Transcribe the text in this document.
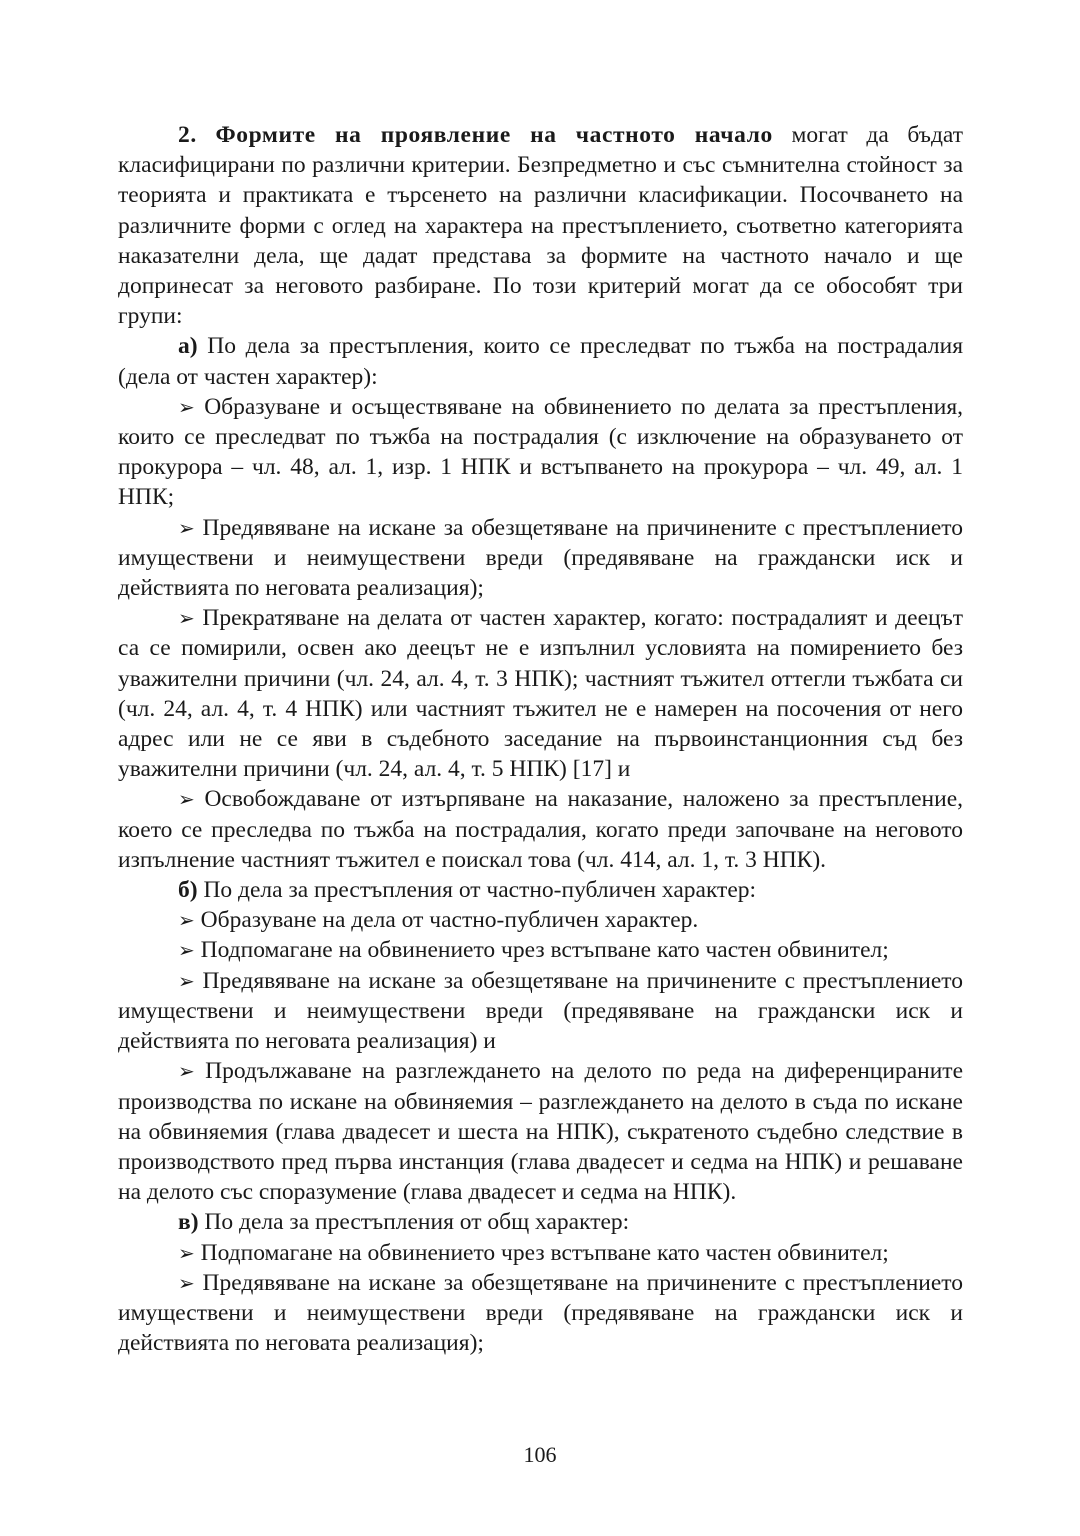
2. Формите на проявление на частното начало могат да бъдат класифицирани по различни критерии. Безпредметно и със съмнителна стойност за теорията и практиката е търсенето на различни класификации. Посочването на различните форми с оглед на характера на престъплението, съответно категорията наказателни дела, ще дадат представа за формите на частното начало и ще допринесат за неговото разбиране. По този критерий могат да се обособят три групи:

а) По дела за престъпления, които се преследват по тъжба на пострадалия (дела от частен характер):

➢ Образуване и осъществяване на обвинението по делата за престъпления, които се преследват по тъжба на пострадалия (с изключение на образуването от прокурора – чл. 48, ал. 1, изр. 1 НПК и встъпването на прокурора – чл. 49, ал. 1 НПК;

➢ Предявяване на искане за обезщетяване на причинените с престъплението имуществени и неимуществени вреди (предявяване на граждански иск и действията по неговата реализация);

➢ Прекратяване на делата от частен характер, когато: пострадалият и деецът са се помирили, освен ако деецът не е изпълнил условията на помирението без уважителни причини (чл. 24, ал. 4, т. 3 НПК); частният тъжител оттегли тъжбата си (чл. 24, ал. 4, т. 4 НПК) или частният тъжител не е намерен на посочения от него адрес или не се яви в съдебното заседание на първоинстанционния съд без уважителни причини (чл. 24, ал. 4, т. 5 НПК) [17] и

➢ Освобождаване от изтърпяване на наказание, наложено за престъпление, което се преследва по тъжба на пострадалия, когато преди започване на неговото изпълнение частният тъжител е поискал това (чл. 414, ал. 1, т. 3 НПК).

б) По дела за престъпления от частно-публичен характер:

➢ Образуване на дела от частно-публичен характер.

➢ Подпомагане на обвинението чрез встъпване като частен обвинител;

➢ Предявяване на искане за обезщетяване на причинените с престъплението имуществени и неимуществени вреди (предявяване на граждански иск и действията по неговата реализация) и

➢ Продължаване на разглеждането на делото по реда на диференцираните производства по искане на обвиняемия – разглеждането на делото в съда по искане на обвиняемия (глава двадесет и шеста на НПК), съкратеното съдебно следствие в производството пред първа инстанция (глава двадесет и седма на НПК) и решаване на делото със споразумение (глава двадесет и седма на НПК).

в) По дела за престъпления от общ характер:

➢ Подпомагане на обвинението чрез встъпване като частен обвинител;

➢ Предявяване на искане за обезщетяване на причинените с престъплението имуществени и неимуществени вреди (предявяване на граждански иск и действията по неговата реализация);

106
